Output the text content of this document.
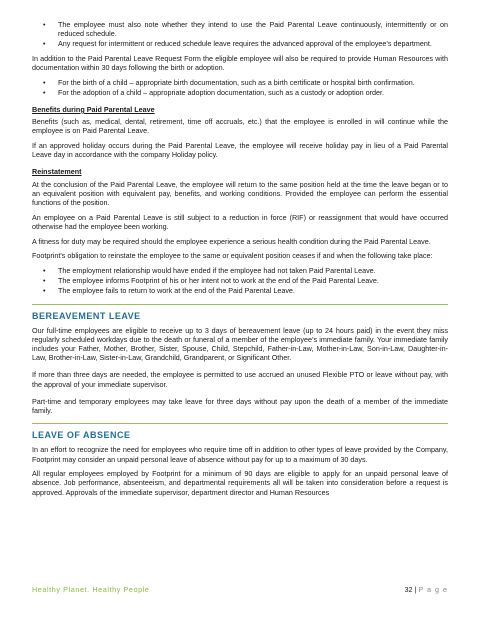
• The employee must also note whether they intend to use the Paid Parental Leave continuously, intermittently or on reduced schedule.
• Any request for intermittent or reduced schedule leave requires the advanced approval of the employee’s department.

In addition to the Paid Parental Leave Request Form the eligible employee will also be required to provide Human Resources with documentation within 30 days following the birth or adoption.

• For the birth of a child – appropriate birth documentation, such as a birth certificate or hospital birth confirmation.
• For the adoption of a child – appropriate adoption documentation, such as a custody or adoption order.
Benefits during Paid Parental Leave

Benefits (such as, medical, dental, retirement, time off accruals, etc.) that the employee is enrolled in will continue while the employee is on Paid Parental Leave.

If an approved holiday occurs during the Paid Parental Leave, the employee will receive holiday pay in lieu of a Paid Parental Leave day in accordance with the company Holiday policy.

Reinstatement

At the conclusion of the Paid Parental Leave, the employee will return to the same position held at the time the leave began or to an equivalent position with equivalent pay, benefits, and working conditions. Provided the employee can perform the essential functions of the position.

An employee on a Paid Parental Leave is still subject to a reduction in force (RIF) or reassignment that would have occurred otherwise had the employee been working.

A fitness for duty may be required should the employee experience a serious health condition during the Paid Parental Leave.

Footprint's obligation to reinstate the employee to the same or equivalent position ceases if and when the following take place:

• The employment relationship would have ended if the employee had not taken Paid Parental Leave.
• The employee informs Footprint of his or her intent not to work at the end of the Paid Parental Leave.
• The employee fails to return to work at the end of the Paid Parental Leave.
BEREAVEMENT LEAVE

Our full-time employees are eligible to receive up to 3 days of bereavement leave (up to 24 hours paid) in the event they miss regularly scheduled workdays due to the death or funeral of a member of the employee’s immediate family. Your immediate family includes your Father, Mother, Brother, Sister, Spouse, Child, Stepchild, Father-in-Law, Mother-in-Law, Son-in-Law, Daughter-in-Law, Brother-in-Law, Sister-in-Law, Grandchild, Grandparent, or Significant Other.

If more than three days are needed, the employee is permitted to use accrued an unused Flexible PTO or leave without pay, with the approval of your immediate supervisor.

Part-time and temporary employees may take leave for three days without pay upon the death of a member of the immediate family.

LEAVE OF ABSENCE

In an effort to recognize the need for employees who require time off in addition to other types of leave provided by the Company, Footprint may consider an unpaid personal leave of absence without pay for up to a maximum of 30 days.

All regular employees employed by Footprint for a minimum of 90 days are eligible to apply for an unpaid personal leave of absence. Job performance, absenteeism, and departmental requirements all will be taken into consideration before a request is approved. Approvals of the immediate supervisor, department director and Human Resources

Healthy Planet. Healthy People	32 | P a g e
